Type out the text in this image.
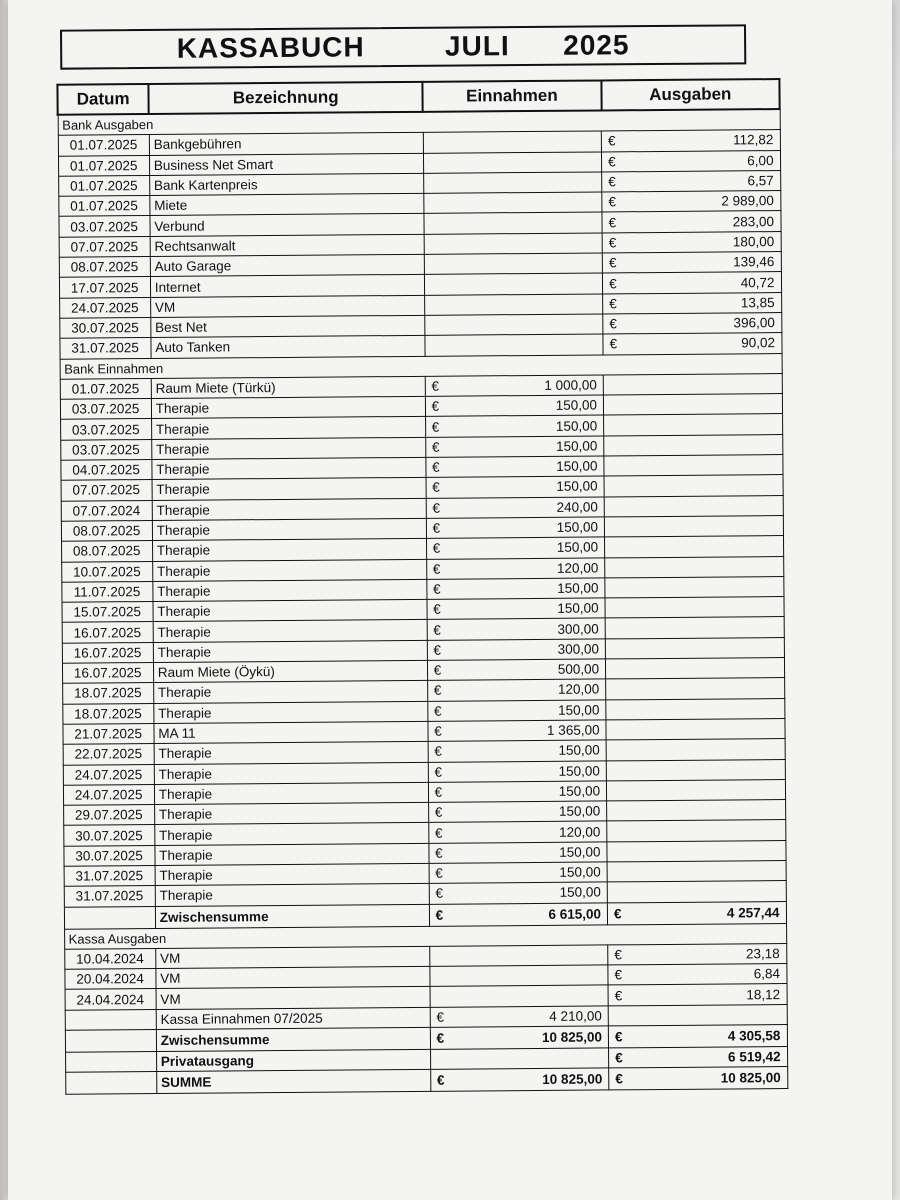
KASSABUCH   JULI  2025
Datum	Bezeichnung	Einnahmen	Ausgaben
Bank Ausgaben			
01.07.2025	Bankgebühren		€ 112,82

01.07.2025	Business Net Smart		€ 6,00

01.07.2025	Bank Kartenpreis		€ 6,57

01.07.2025	Miete		€ 2 989,00

03.07.2025	Verbund		€ 283,00

07.07.2025	Rechtsanwalt		€ 180,00

08.07.2025	Auto Garage		€ 139,46

17.07.2025	Internet		€ 40,72

24.07.2025	VM		€ 13,85

30.07.2025	Best Net		€ 396,00

31.07.2025	Auto Tanken		€ 90,02

Bank Einnahmen			
01.07.2025	Raum Miete (Türkü)	€ 1 000,00	

03.07.2025	Therapie	€ 150,00	

03.07.2025	Therapie	€ 150,00	

03.07.2025	Therapie	€ 150,00	

04.07.2025	Therapie	€ 150,00	

07.07.2025	Therapie	€ 150,00	

07.07.2024	Therapie	€ 240,00	

08.07.2025	Therapie	€ 150,00	

08.07.2025	Therapie	€ 150,00	

10.07.2025	Therapie	€ 120,00	

11.07.2025	Therapie	€ 150,00	

15.07.2025	Therapie	€ 150,00	

16.07.2025	Therapie	€ 300,00	

16.07.2025	Therapie	€ 300,00	

16.07.2025	Raum Miete (Öykü)	€ 500,00	

18.07.2025	Therapie	€ 120,00	

18.07.2025	Therapie	€ 150,00	

21.07.2025	MA 11	€ 1 365,00	

22.07.2025	Therapie	€ 150,00	

24.07.2025	Therapie	€ 150,00	

24.07.2025	Therapie	€ 150,00	

29.07.2025	Therapie	€ 150,00	

30.07.2025	Therapie	€ 120,00	

30.07.2025	Therapie	€ 150,00	

31.07.2025	Therapie	€ 150,00	

31.07.2025	Therapie	€ 150,00	

	Zwischensumme	€ 6 615,00	€ 4 257,44

Kassa Ausgaben			
10.04.2024	VM		€ 23,18

20.04.2024	VM		€ 6,84

24.04.2024	VM		€ 18,12

	Kassa Einnahmen 07/2025	€ 4 210,00	

	Zwischensumme	€ 10 825,00	€ 4 305,58

	Privatausgang		€ 6 519,42

	SUMME	€ 10 825,00	€ 10 825,00
